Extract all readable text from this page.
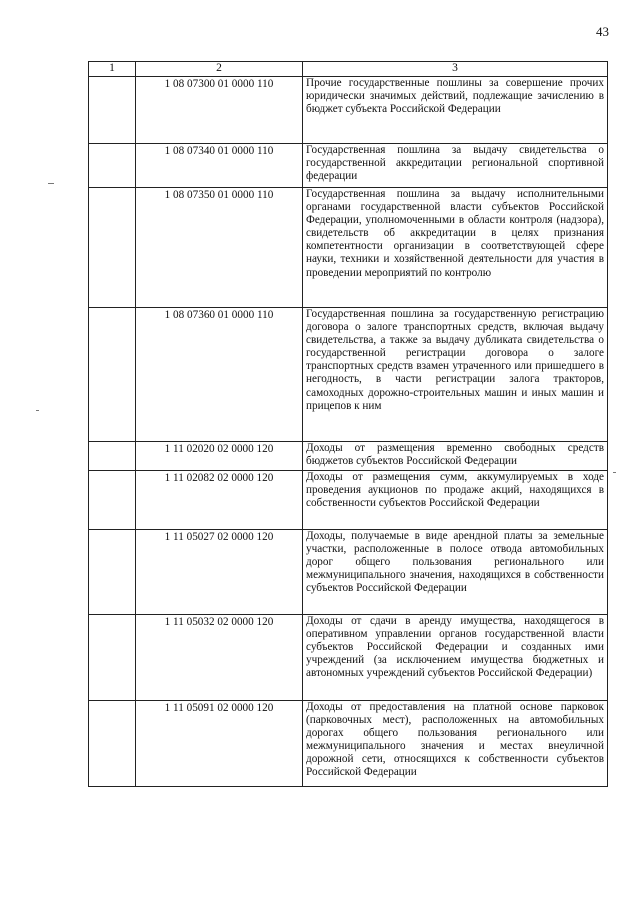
43
1	2	3
	1 08 07300 01 0000 110	Прочие государственные пошлины за совершение прочих юридически значимых действий, подлежащие зачислению в бюджет субъекта Российской Федерации
	1 08 07340 01 0000 110	Государственная пошлина за выдачу свидетельства о государственной аккредитации региональной спортивной федерации
	1 08 07350 01 0000 110	Государственная пошлина за выдачу исполнительными органами государственной власти субъектов Российской Федерации, уполномоченными в области контроля (надзора), свидетельств об аккредитации в целях признания компетентности организации в соответствующей сфере науки, техники и хозяйственной деятельности для участия в проведении мероприятий по контролю
	1 08 07360 01 0000 110	Государственная пошлина за государственную регистрацию договора о залоге транспортных средств, включая выдачу свидетельства, а также за выдачу дубликата свидетельства о государственной регистрации договора о залоге транспортных средств взамен утраченного или пришедшего в негодность, в части регистрации залога тракторов, самоходных дорожно-строительных машин и иных машин и прицепов к ним
	1 11 02020 02 0000 120	Доходы от размещения временно свободных средств бюджетов субъектов Российской Федерации
	1 11 02082 02 0000 120	Доходы от размещения сумм, аккумулируемых в ходе проведения аукционов по продаже акций, находящихся в собственности субъектов Российской Федерации
	1 11 05027 02 0000 120	Доходы, получаемые в виде арендной платы за земельные участки, расположенные в полосе отвода автомобильных дорог общего пользования регионального или межмуниципального значения, находящихся в собственности субъектов Российской Федерации
	1 11 05032 02 0000 120	Доходы от сдачи в аренду имущества, находящегося в оперативном управлении органов государственной власти субъектов Российской Федерации и созданных ими учреждений (за исключением имущества бюджетных и автономных учреждений субъектов Российской Федерации)
	1 11 05091 02 0000 120	Доходы от предоставления на платной основе парковок (парковочных мест), расположенных на автомобильных дорогах общего пользования регионального или межмуниципального значения и местах внеуличной дорожной сети, относящихся к собственности субъектов Российской Федерации
